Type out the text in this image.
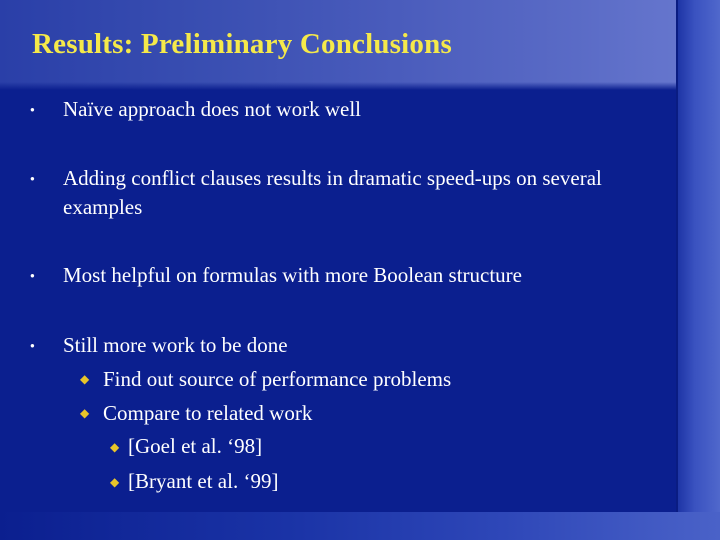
Results: Preliminary Conclusions
● Naïve approach does not work well

● Adding conflict clauses results in dramatic speed-ups on several examples

● Most helpful on formulas with more Boolean structure

● Still more work to be done

◆ Find out source of performance problems

◆ Compare to related work

◆ [Goel et al. ‘98]

◆ [Bryant et al. ‘99]
